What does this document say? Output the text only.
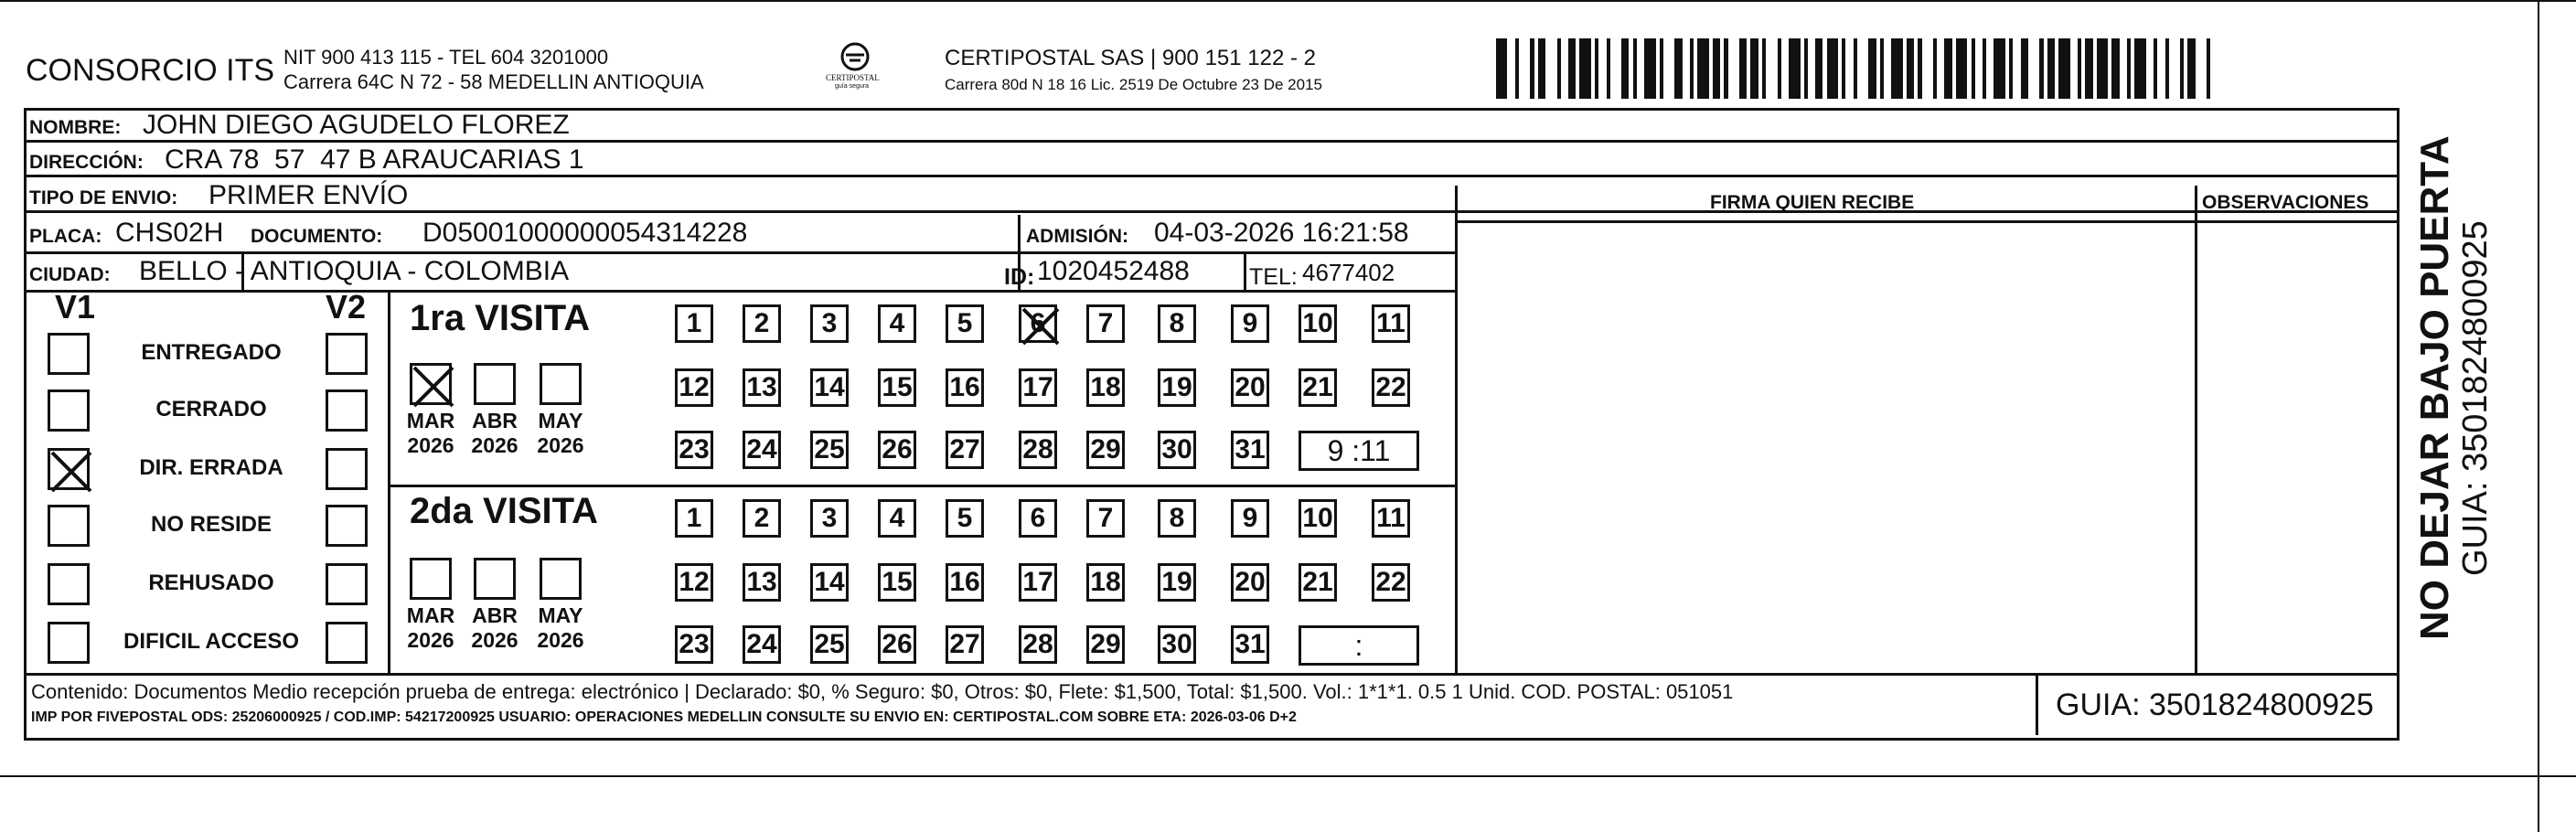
CONSORCIO ITS NIT 900 413 115 - TEL 604 3201000
Carrera 64C N 72 - 58 MEDELLIN ANTIOQUIA	CERTIPOSTAL
guía segura
CERTIPOSTAL SAS | 900 151 122 - 2
Carrera 80d N 18 16 Lic. 2519 De Octubre 23 De 2015
NOMBRE: JOHN DIEGO AGUDELO FLOREZ
DIRECCIÓN: CRA 78  57  47 B ARAUCARIAS 1
TIPO DE ENVIO: PRIMER ENVÍO	FIRMA QUIEN RECIBE	OBSERVACIONES
PLACA: CHS02H DOCUMENTO: D05001000000054314228	ADMISIÓN: 04-03-2026 16:21:58
CIUDAD: BELLO - ANTIOQUIA - COLOMBIA	ID: 1020452488	TEL: 4677402
V1	V2 1ra VISITA
2da VISITA
Contenido: Documentos Medio recepción prueba de entrega: electrónico | Declarado: $0, % Seguro: $0, Otros: $0, Flete: $1,500, Total: $1,500. Vol.: 1*1*1. 0.5 1 Unid. COD. POSTAL: 051051
IMP POR FIVEPOSTAL ODS: 25206000925 / COD.IMP: 54217200925 USUARIO: OPERACIONES MEDELLIN CONSULTE SU ENVIO EN: CERTIPOSTAL.COM SOBRE ETA: 2026-03-06 D+2	GUIA: 3501824800925
NO DEJAR BAJO PUERTA GUIA: 3501824800925
ENTREGADO
CERRADO
DIR. ERRADA
NO RESIDE
REHUSADO
DIFICIL ACCESO
MAR
2026
ABR
2026
MAY
2026
1 2 3 4 5 6 7 8 9 10 11
12 13 14 15 16 17 18 19 20 21 22
23 24 25 26 27 28 29 30 31 9 :11
MAR
2026
ABR
2026
MAY
2026
1 2 3 4 5 6 7 8 9 10 11
12 13 14 15 16 17 18 19 20 21 22
23 24 25 26 27 28 29 30 31	:
